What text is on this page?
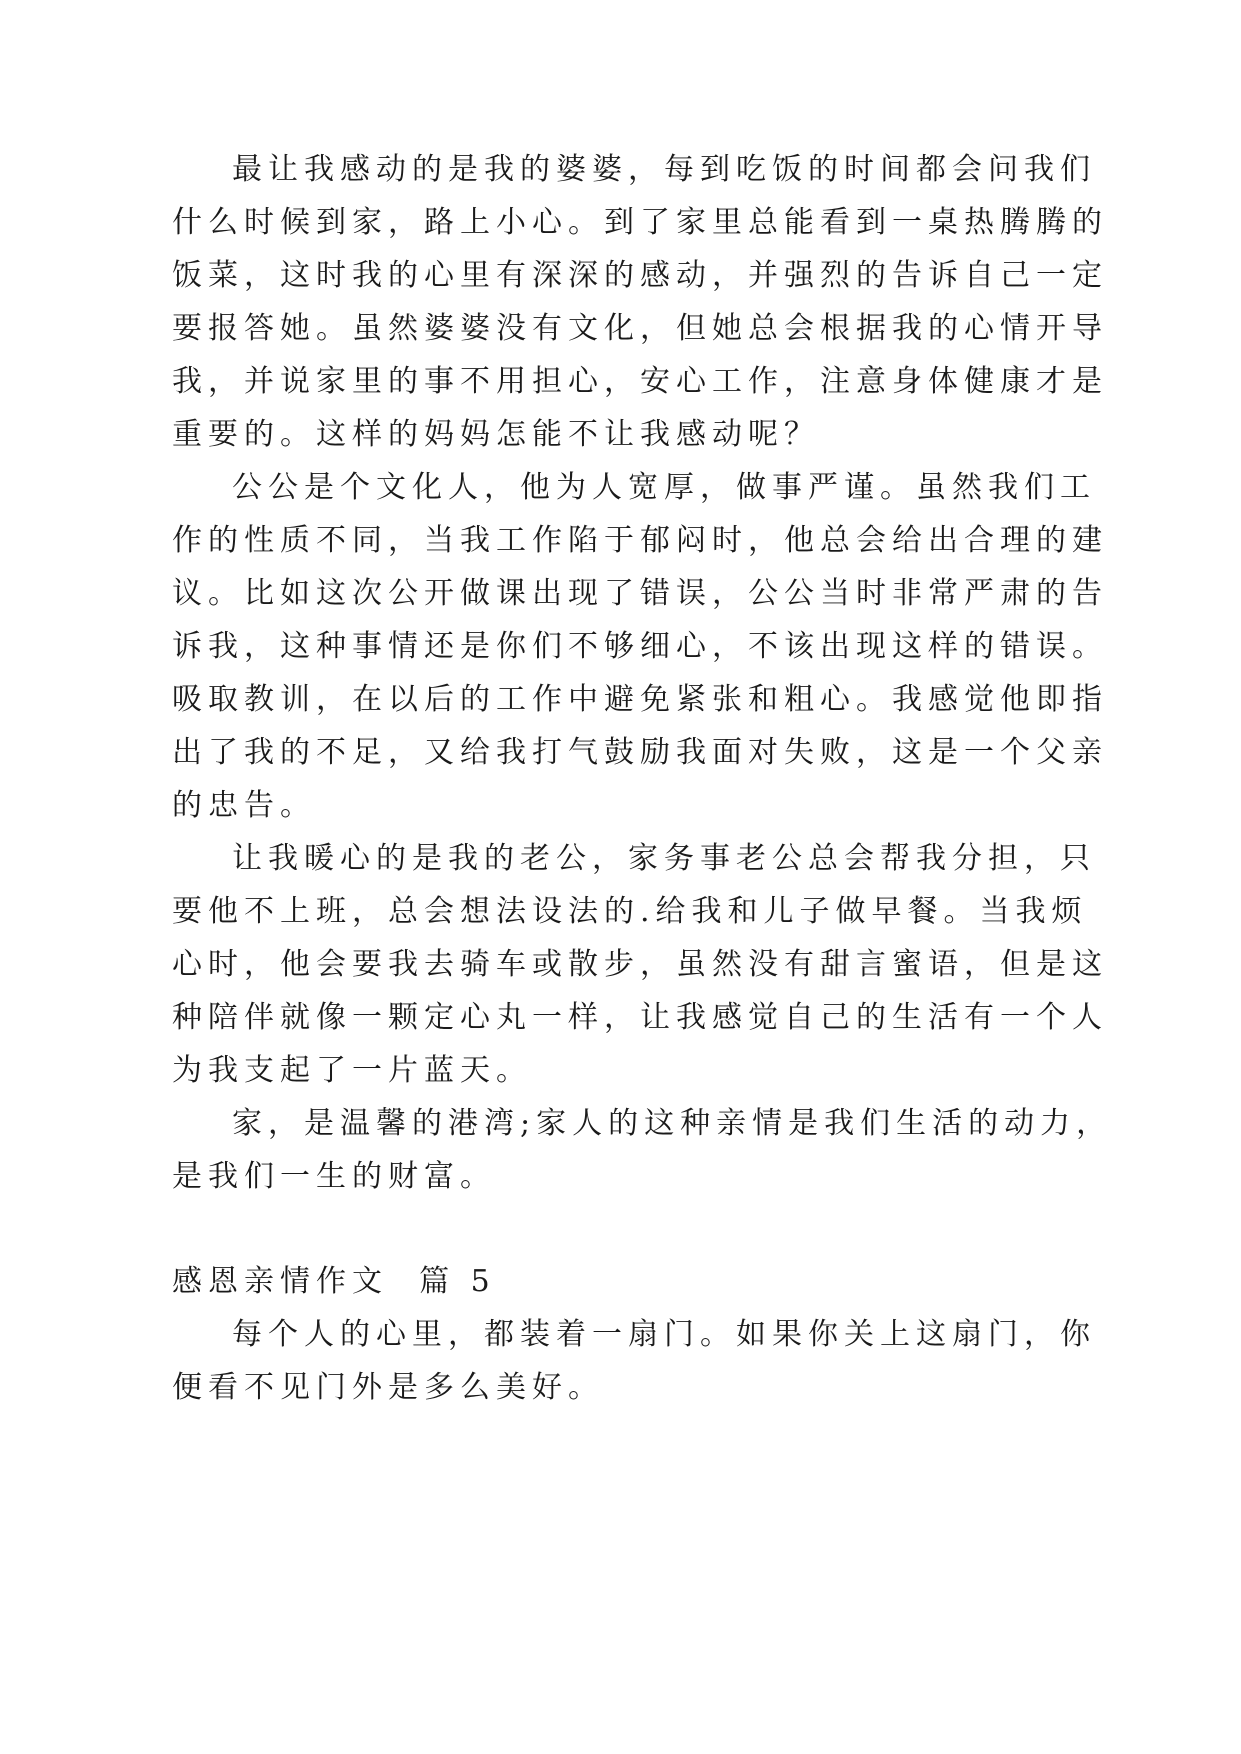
最让我感动的是我的婆婆，每到吃饭的时间都会问我们
什么时候到家，路上小心。到了家里总能看到一桌热腾腾的
饭菜，这时我的心里有深深的感动，并强烈的告诉自己一定
要报答她。虽然婆婆没有文化，但她总会根据我的心情开导
我，并说家里的事不用担心，安心工作，注意身体健康才是
重要的。这样的妈妈怎能不让我感动呢？
公公是个文化人，他为人宽厚，做事严谨。虽然我们工
作的性质不同，当我工作陷于郁闷时，他总会给出合理的建
议。比如这次公开做课出现了错误，公公当时非常严肃的告
诉我，这种事情还是你们不够细心，不该出现这样的错误。
吸取教训，在以后的工作中避免紧张和粗心。我感觉他即指
出了我的不足，又给我打气鼓励我面对失败，这是一个父亲
的忠告。
让我暖心的是我的老公，家务事老公总会帮我分担，只
要他不上班，总会想法设法的.给我和儿子做早餐。当我烦
心时，他会要我去骑车或散步，虽然没有甜言蜜语，但是这
种陪伴就像一颗定心丸一样，让我感觉自己的生活有一个人
为我支起了一片蓝天。
家，是温馨的港湾;家人的这种亲情是我们生活的动力，
是我们一生的财富。
感恩亲情作文  篇 5
每个人的心里，都装着一扇门。如果你关上这扇门，你
便看不见门外是多么美好。
